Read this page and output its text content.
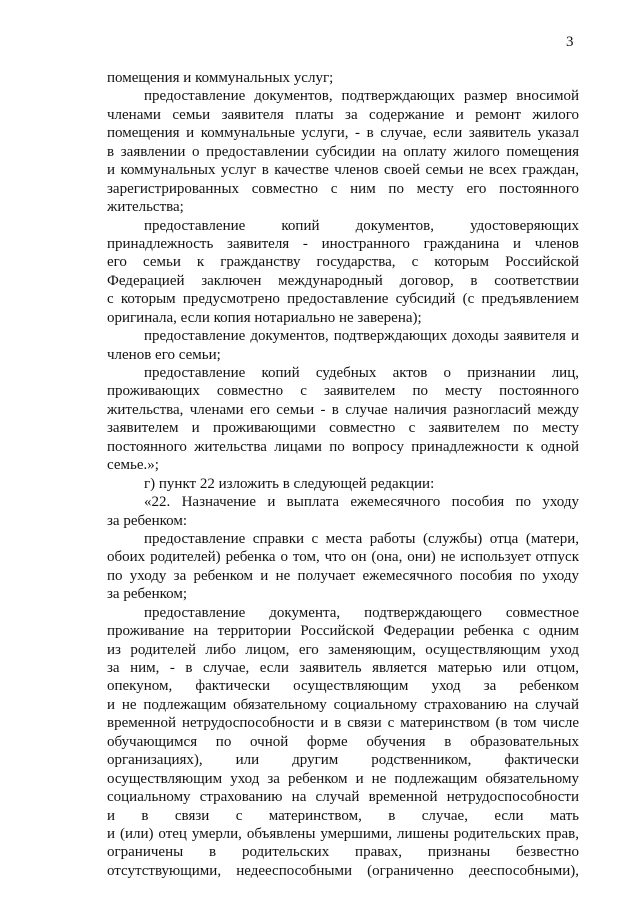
3
помещения и коммунальных услуг;
предоставление документов, подтверждающих размер вносимой
членами семьи заявителя платы за содержание и ремонт жилого
помещения и коммунальные услуги, - в случае, если заявитель указал
в заявлении о предоставлении субсидии на оплату жилого помещения
и коммунальных услуг в качестве членов своей семьи не всех граждан,
зарегистрированных совместно с ним по месту его постоянного
жительства;
предоставление копий документов, удостоверяющих
принадлежность заявителя - иностранного гражданина и членов
его семьи к гражданству государства, с которым Российской
Федерацией заключен международный договор, в соответствии
с которым предусмотрено предоставление субсидий (с предъявлением
оригинала, если копия нотариально не заверена);
предоставление документов, подтверждающих доходы заявителя и
членов его семьи;
предоставление копий судебных актов о признании лиц,
проживающих совместно с заявителем по месту постоянного
жительства, членами его семьи - в случае наличия разногласий между
заявителем и проживающими совместно с заявителем по месту
постоянного жительства лицами по вопросу принадлежности к одной
семье.»;
г) пункт 22 изложить в следующей редакции:
«22. Назначение и выплата ежемесячного пособия по уходу
за ребенком:
предоставление справки с места работы (службы) отца (матери,
обоих родителей) ребенка о том, что он (она, они) не использует отпуск
по уходу за ребенком и не получает ежемесячного пособия по уходу
за ребенком;
предоставление документа, подтверждающего совместное
проживание на территории Российской Федерации ребенка с одним
из родителей либо лицом, его заменяющим, осуществляющим уход
за ним, - в случае, если заявитель является матерью или отцом,
опекуном, фактически осуществляющим уход за ребенком
и не подлежащим обязательному социальному страхованию на случай
временной нетрудоспособности и в связи с материнством (в том числе
обучающимся по очной форме обучения в образовательных
организациях), или другим родственником, фактически
осуществляющим уход за ребенком и не подлежащим обязательному
социальному страхованию на случай временной нетрудоспособности
и в связи с материнством, в случае, если мать
и (или) отец умерли, объявлены умершими, лишены родительских прав,
ограничены в родительских правах, признаны безвестно
отсутствующими, недееспособными (ограниченно дееспособными),
